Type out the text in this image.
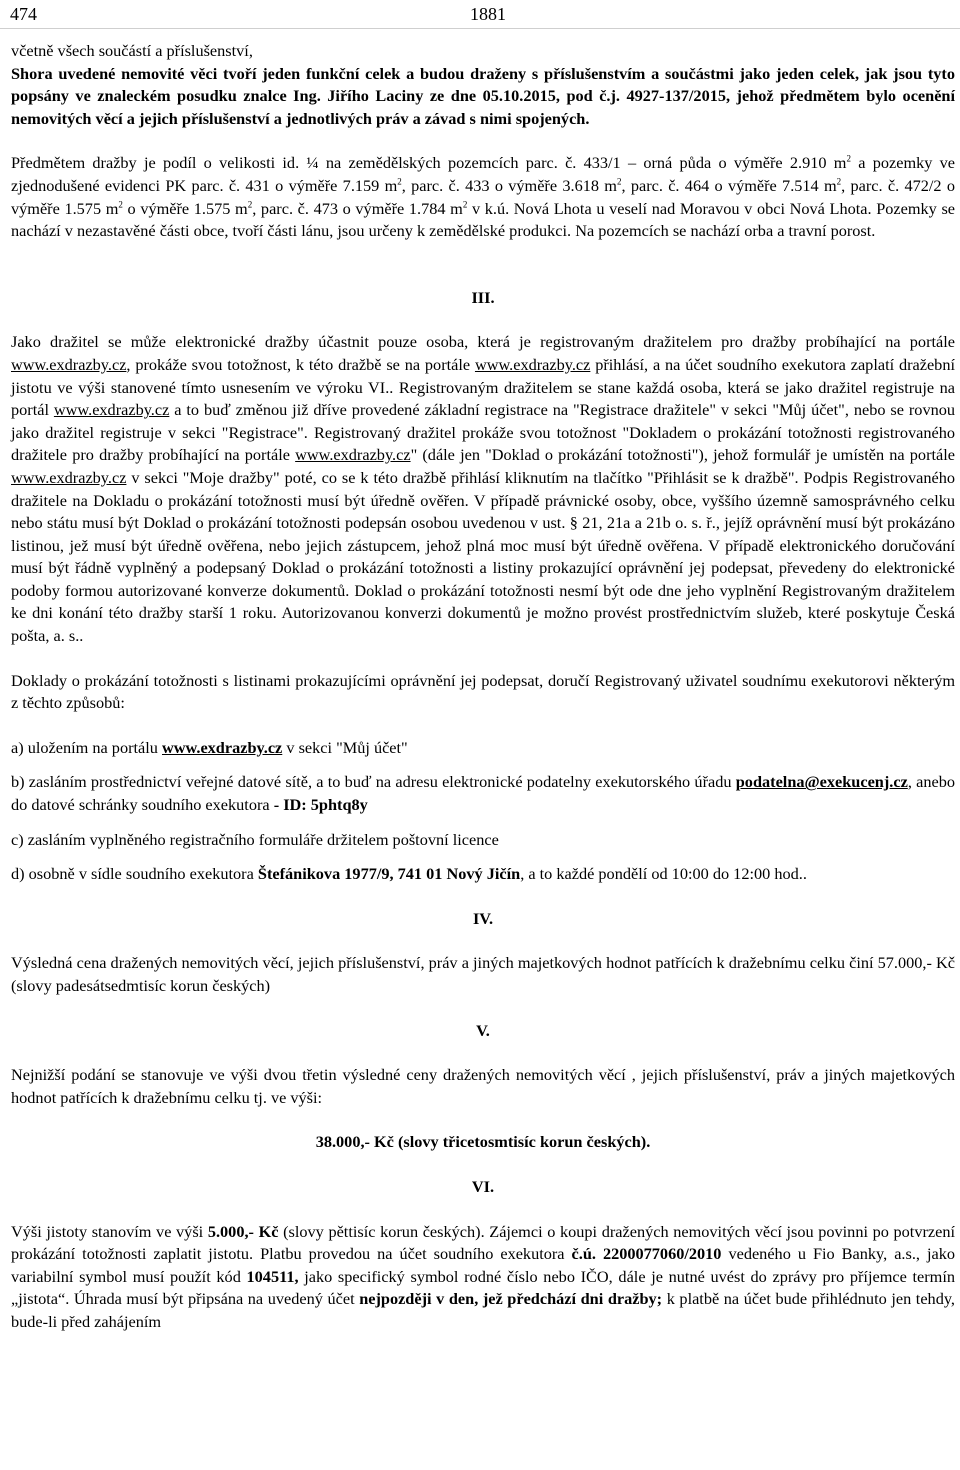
474	1881

včetně všech součástí a příslušenství,
Shora uvedené nemovité věci tvoří jeden funkční celek a budou draženy s příslušenstvím a součástmi jako jeden celek, jak jsou tyto popsány ve znaleckém posudku znalce Ing. Jiřího Laciny ze dne 05.10.2015, pod č.j. 4927-137/2015, jehož předmětem bylo ocenění nemovitých věcí a jejich příslušenství a jednotlivých práv a závad s nimi spojených.

Předmětem dražby je podíl o velikosti id. ¼ na zemědělských pozemcích parc. č. 433/1 – orná půda o výměře 2.910 $m^2$ a pozemky ve zjednodušené evidenci PK parc. č. 431 o výměře 7.159 $m^2$, parc. č. 433 o výměře 3.618 $m^2$, parc. č. 464 o výměře 7.514 $m^2$, parc. č. 472/2 o výměře 1.575 $m^2$ o výměře 1.575 $m^2$, parc. č. 473 o výměře 1.784 $m^2$ v k.ú. Nová Lhota u veselí nad Moravou v obci Nová Lhota. Pozemky se nachází v nezastavěné části obce, tvoří části lánu, jsou určeny k zemědělské produkci. Na pozemcích se nachází orba a travní porost.

III.

Jako dražitel se může elektronické dražby účastnit pouze osoba, která je registrovaným dražitelem pro dražby probíhající na portále www.exdrazby.cz, prokáže svou totožnost, k této dražbě se na portále www.exdrazby.cz přihlásí, a na účet soudního exekutora zaplatí dražební jistotu ve výši stanovené tímto usnesením ve výroku VI.. Registrovaným dražitelem se stane každá osoba, která se jako dražitel registruje na portál www.exdrazby.cz a to buď změnou již dříve provedené základní registrace na "Registrace dražitele" v sekci "Můj účet", nebo se rovnou jako dražitel registruje v sekci "Registrace". Registrovaný dražitel prokáže svou totožnost "Dokladem o prokázání totožnosti registrovaného dražitele pro dražby probíhající na portále www.exdrazby.cz" (dále jen "Doklad o prokázání totožnosti"), jehož formulář je umístěn na portále www.exdrazby.cz v sekci "Moje dražby" poté, co se k této dražbě přihlásí kliknutím na tlačítko "Přihlásit se k dražbě". Podpis Registrovaného dražitele na Dokladu o prokázání totožnosti musí být úředně ověřen. V případě právnické osoby, obce, vyššího územně samosprávného celku nebo státu musí být Doklad o prokázání totožnosti podepsán osobou uvedenou v ust. § 21, 21a a 21b o. s. ř., jejíž oprávnění musí být prokázáno listinou, jež musí být úředně ověřena, nebo jejich zástupcem, jehož plná moc musí být úředně ověřena. V případě elektronického doručování musí být řádně vyplněný a podepsaný Doklad o prokázání totožnosti a listiny prokazující oprávnění jej podepsat, převedeny do elektronické podoby formou autorizované konverze dokumentů. Doklad o prokázání totožnosti nesmí být ode dne jeho vyplnění Registrovaným dražitelem ke dni konání této dražby starší 1 roku. Autorizovanou konverzi dokumentů je možno provést prostřednictvím služeb, které poskytuje Česká pošta, a. s..

Doklady o prokázání totožnosti s listinami prokazujícími oprávnění jej podepsat, doručí Registrovaný uživatel soudnímu exekutorovi některým z těchto způsobů:

a) uložením na portálu www.exdrazby.cz v sekci "Můj účet"

b) zasláním prostřednictví veřejné datové sítě, a to buď na adresu elektronické podatelny exekutorského úřadu podatelna@exekucenj.cz, anebo do datové schránky soudního exekutora - ID: 5phtq8y

c) zasláním vyplněného registračního formuláře držitelem poštovní licence

d) osobně v sídle soudního exekutora Štefánikova 1977/9, 741 01 Nový Jičín, a to každé pondělí od 10:00 do 12:00 hod..

IV.

Výsledná cena dražených nemovitých věcí, jejich příslušenství, práv a jiných majetkových hodnot patřících k dražebnímu celku činí 57.000,- Kč (slovy padesátsedmtisíc korun českých)

V.

Nejnižší podání se stanovuje ve výši dvou třetin výsledné ceny dražených nemovitých věcí , jejich příslušenství, práv a jiných majetkových hodnot patřících k dražebnímu celku tj. ve výši:

38.000,- Kč (slovy třicetosmtisíc korun českých).

VI.

Výši jistoty stanovím ve výši 5.000,- Kč (slovy pěttisíc korun českých). Zájemci o koupi dražených nemovitých věcí jsou povinni po potvrzení prokázání totožnosti zaplatit jistotu. Platbu provedou na účet soudního exekutora č.ú. 2200077060/2010 vedeného u Fio Banky, a.s., jako variabilní symbol musí použít kód 104511, jako specifický symbol rodné číslo nebo IČO, dále je nutné uvést do zprávy pro příjemce termín „jistota“. Úhrada musí být připsána na uvedený účet nejpozději v den, jež předchází dni dražby; k platbě na účet bude přihlédnuto jen tehdy, bude-li před zahájením
